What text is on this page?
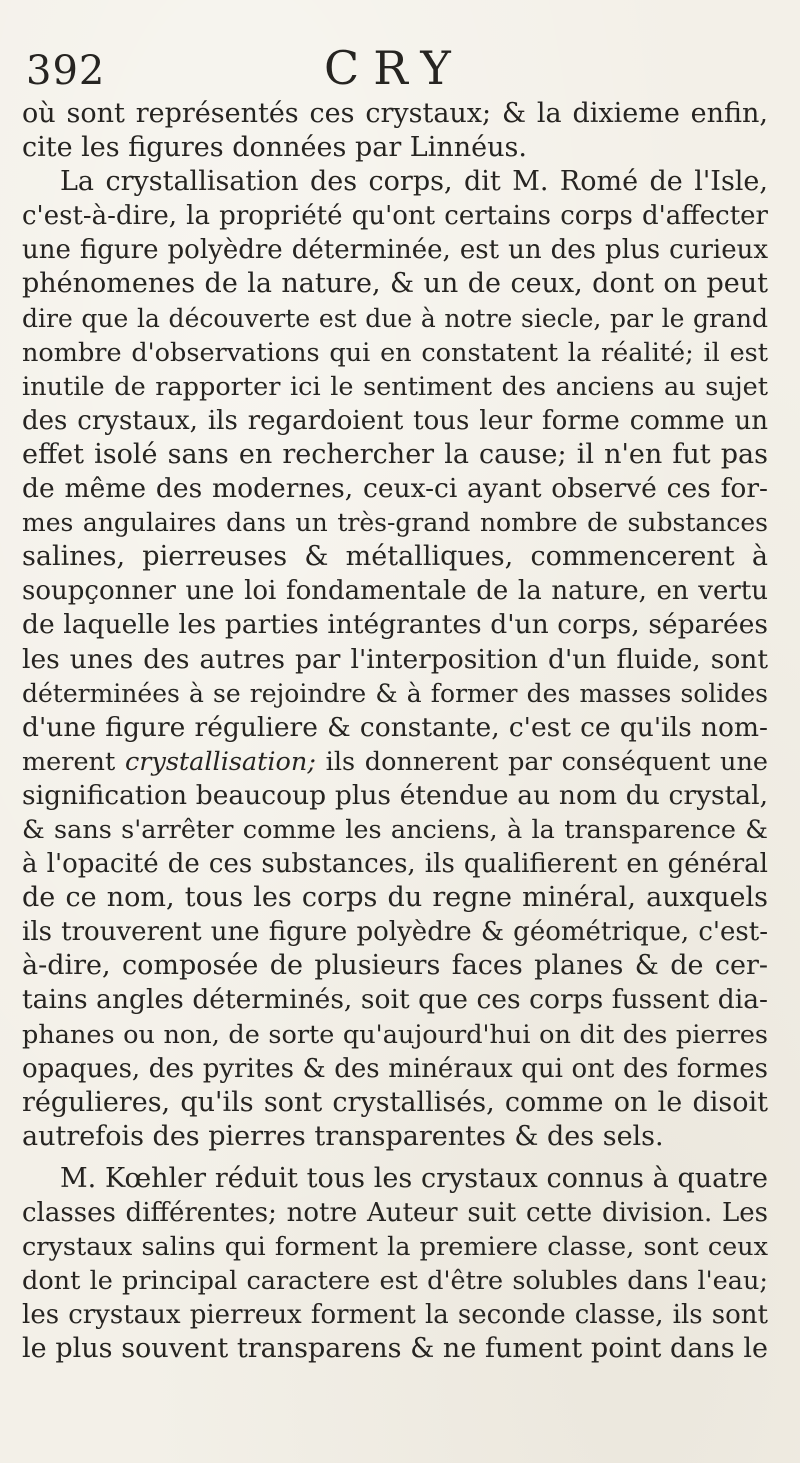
392	CRY
où sont représentés ces crystaux; & la dixieme enfin,
cite les figures données par Linnéus.
La crystallisation des corps, dit M. Romé de l'Isle,
c'est-à-dire, la propriété qu'ont certains corps d'affecter
une figure polyèdre déterminée, est un des plus curieux
phénomenes de la nature, & un de ceux, dont on peut
dire que la découverte est due à notre siecle, par le grand
nombre d'observations qui en constatent la réalité; il est
inutile de rapporter ici le sentiment des anciens au sujet
des crystaux, ils regardoient tous leur forme comme un
effet isolé sans en rechercher la cause; il n'en fut pas
de même des modernes, ceux-ci ayant observé ces for-
mes angulaires dans un très-grand nombre de substances
salines, pierreuses & métalliques, commencerent à
soupçonner une loi fondamentale de la nature, en vertu
de laquelle les parties intégrantes d'un corps, séparées
les unes des autres par l'interposition d'un fluide, sont
déterminées à se rejoindre & à former des masses solides
d'une figure réguliere & constante, c'est ce qu'ils nom-
merent crystallisation; ils donnerent par conséquent une
signification beaucoup plus étendue au nom du crystal,
& sans s'arrêter comme les anciens, à la transparence &
à l'opacité de ces substances, ils qualifierent en général
de ce nom, tous les corps du regne minéral, auxquels
ils trouverent une figure polyèdre & géométrique, c'est-
à-dire, composée de plusieurs faces planes & de cer-
tains angles déterminés, soit que ces corps fussent dia-
phanes ou non, de sorte qu'aujourd'hui on dit des pierres
opaques, des pyrites & des minéraux qui ont des formes
régulieres, qu'ils sont crystallisés, comme on le disoit
autrefois des pierres transparentes & des sels.
M. Kœhler réduit tous les crystaux connus à quatre
classes différentes; notre Auteur suit cette division. Les
crystaux salins qui forment la premiere classe, sont ceux
dont le principal caractere est d'être solubles dans l'eau;
les crystaux pierreux forment la seconde classe, ils sont
le plus souvent transparens & ne fument point dans le
